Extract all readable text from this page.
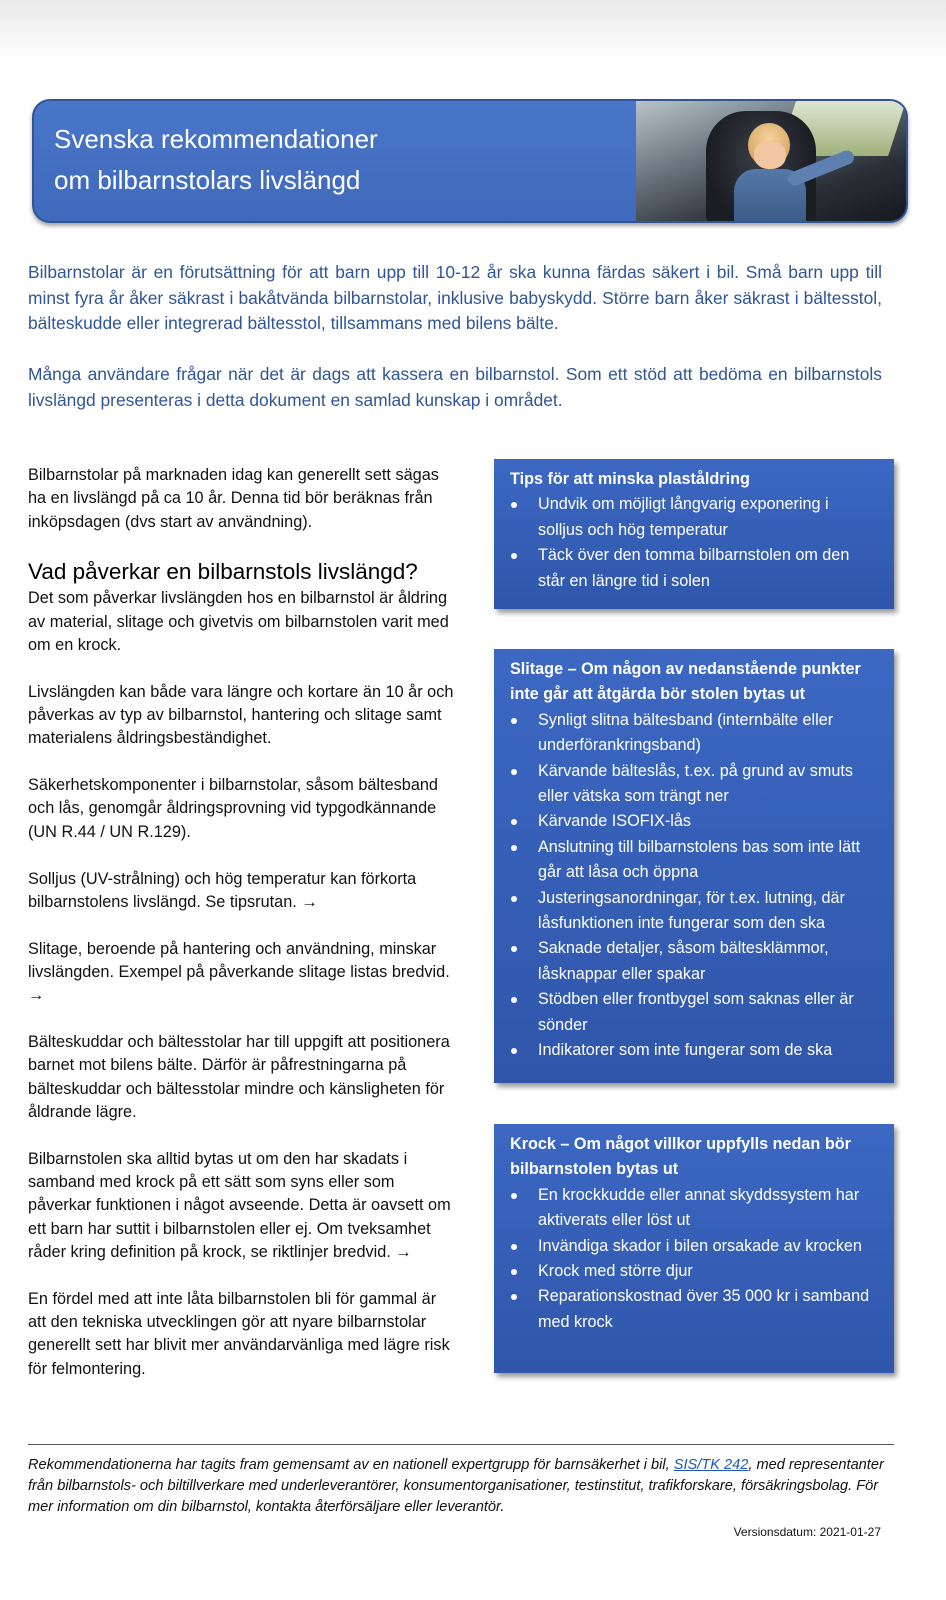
Svenska rekommendationer
om bilbarnstolars livslängd

Bilbarnstolar är en förutsättning för att barn upp till 10-12 år ska kunna färdas säkert i bil. Små barn upp till minst fyra år åker säkrast i bakåtvända bilbarnstolar, inklusive babyskydd. Större barn åker säkrast i bältesstol, bälteskudde eller integrerad bältesstol, tillsammans med bilens bälte.

Många användare frågar när det är dags att kassera en bilbarnstol. Som ett stöd att bedöma en bilbarnstols livslängd presenteras i detta dokument en samlad kunskap i området.

Bilbarnstolar på marknaden idag kan generellt sett sägas ha en livslängd på ca 10 år. Denna tid bör beräknas från inköpsdagen (dvs start av användning).

Vad påverkar en bilbarnstols livslängd?

Det som påverkar livslängden hos en bilbarnstol är åldring av material, slitage och givetvis om bilbarnstolen varit med om en krock.

Livslängden kan både vara längre och kortare än 10 år och påverkas av typ av bilbarnstol, hantering och slitage samt materialens åldringsbeständighet.

Säkerhetskomponenter i bilbarnstolar, såsom bältesband och lås, genomgår åldringsprovning vid typgodkännande (UN R.44 / UN R.129).

Solljus (UV-strålning) och hög temperatur kan förkorta bilbarnstolens livslängd. Se tipsrutan. →

Slitage, beroende på hantering och användning, minskar livslängden. Exempel på påverkande slitage listas bredvid. →

Bälteskuddar och bältesstolar har till uppgift att positionera barnet mot bilens bälte. Därför är påfrestningarna på bälteskuddar och bältesstolar mindre och känsligheten för åldrande lägre.

Bilbarnstolen ska alltid bytas ut om den har skadats i samband med krock på ett sätt som syns eller som påverkar funktionen i något avseende. Detta är oavsett om ett barn har suttit i bilbarnstolen eller ej. Om tveksamhet råder kring definition på krock, se riktlinjer bredvid. →

En fördel med att inte låta bilbarnstolen bli för gammal är att den tekniska utvecklingen gör att nyare bilbarnstolar generellt sett har blivit mer användarvänliga med lägre risk för felmontering.

Tips för att minska plaståldring
Undvik om möjligt långvarig exponering i solljus och hög temperatur
Täck över den tomma bilbarnstolen om den står en längre tid i solen
Slitage – Om någon av nedanstående punkter inte går att åtgärda bör stolen bytas ut
Synligt slitna bältesband (internbälte eller underförankringsband)
Kärvande bälteslås, t.ex. på grund av smuts eller vätska som trängt ner
Kärvande ISOFIX-lås
Anslutning till bilbarnstolens bas som inte lätt går att låsa och öppna
Justeringsanordningar, för t.ex. lutning, där låsfunktionen inte fungerar som den ska
Saknade detaljer, såsom bältesklämmor, låsknappar eller spakar
Stödben eller frontbygel som saknas eller är sönder
Indikatorer som inte fungerar som de ska
Krock – Om något villkor uppfylls nedan bör bilbarnstolen bytas ut
En krockkudde eller annat skyddssystem har aktiverats eller löst ut
Invändiga skador i bilen orsakade av krocken
Krock med större djur
Reparationskostnad över 35 000 kr i samband med krock

Rekommendationerna har tagits fram gemensamt av en nationell expertgrupp för barnsäkerhet i bil, SIS/TK 242, med representanter från bilbarnstols- och biltillverkare med underleverantörer, konsumentorganisationer, testinstitut, trafikforskare, försäkringsbolag. För mer information om din bilbarnstol, kontakta återförsäljare eller leverantör.

Versionsdatum: 2021-01-27
